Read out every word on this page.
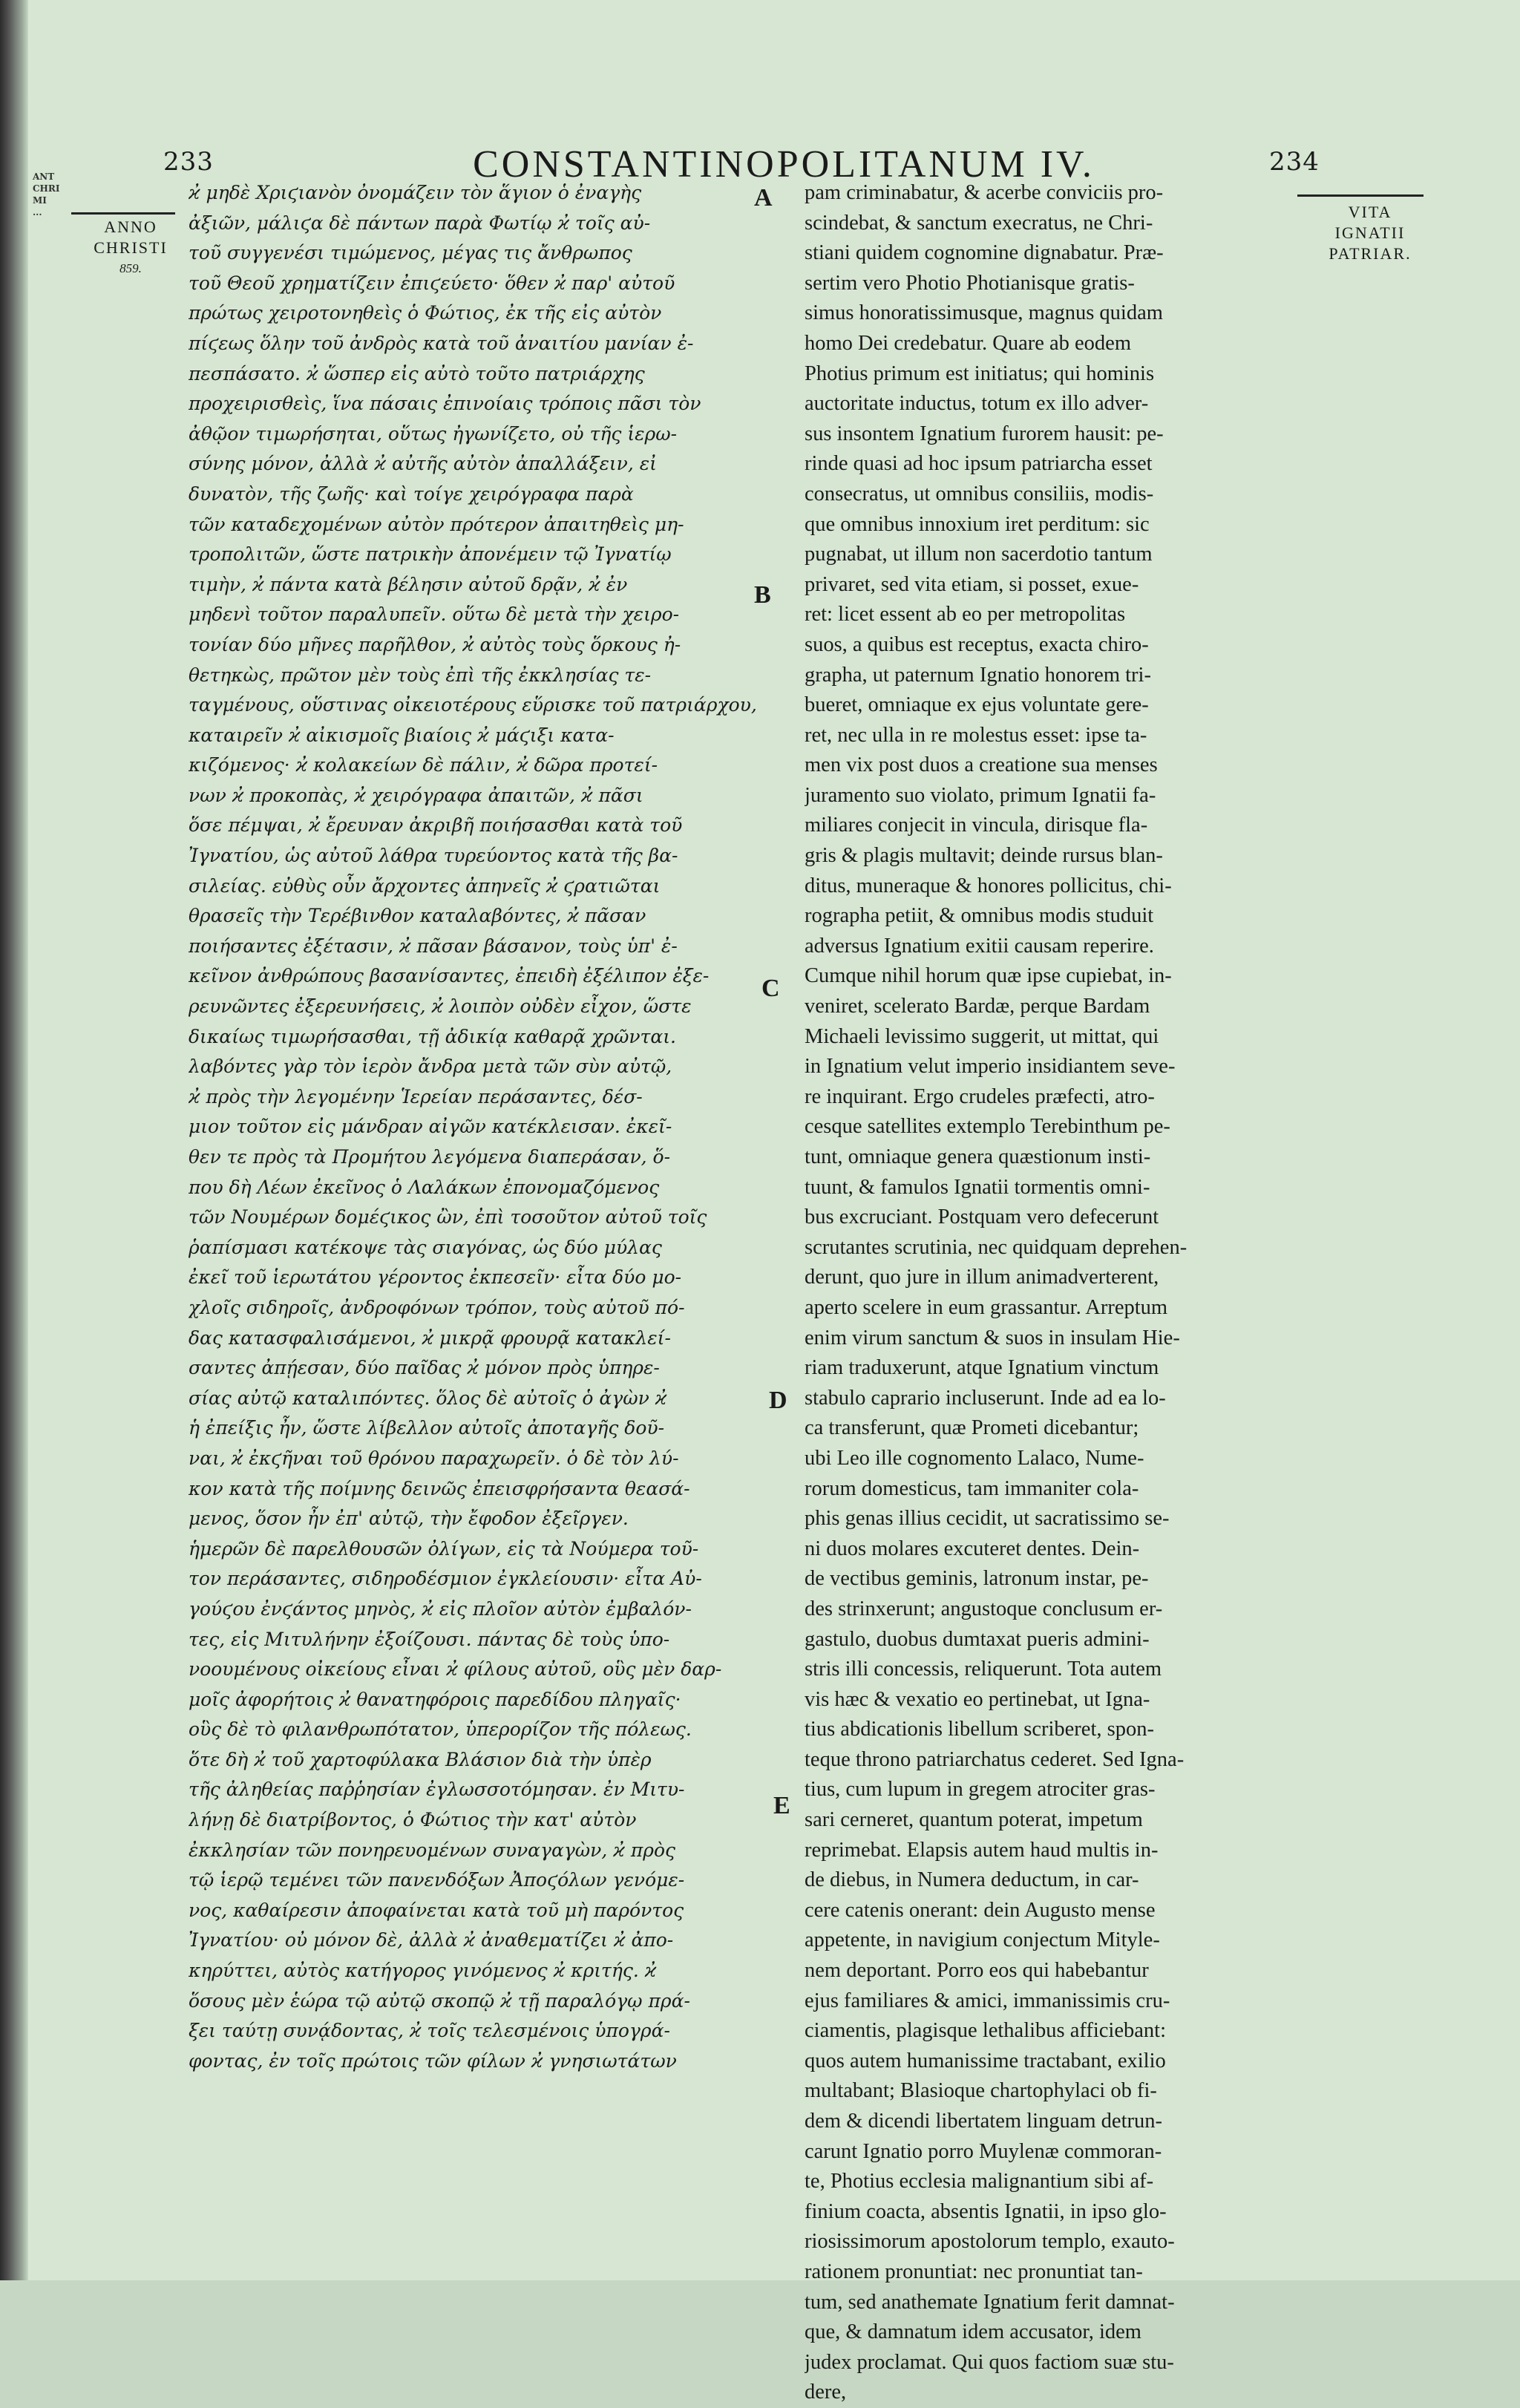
ANT CHRI MI ...
233	CONSTANTINOPOLITANUM IV.	234
ANNO
CHRISTI
859.
VITA
IGNATII
PATRIAR.
ϰ̓ μηδὲ Χριϛιανὸν ὀνομάζειν τὸν ἅγιον ὁ ἐναγὴς
ἀξιῶν, μάλιϛα δὲ πάντων παρὰ Φωτίῳ ϰ̓ τοῖς αὐ-
τοῦ συγγενέσι τιμώμενος, μέγας τις ἄνθρωπος
τοῦ Θεοῦ χρηματίζειν ἐπιϛεύετο· ὅθεν ϰ̓ παρ' αὐτοῦ
πρώτως χειροτονηθεὶς ὁ Φώτιος, ἐκ τῆς εἰς αὐτὸν
πίϛεως ὅλην τοῦ ἀνδρὸς κατὰ τοῦ ἀναιτίου μανίαν ἐ-
πεσπάσατο. ϰ̓ ὥσπερ εἰς αὐτὸ τοῦτο πατριάρχης
προχειρισθεὶς, ἵνα πάσαις ἐπινοίαις τρόποις πᾶσι τὸν
ἀθῷον τιμωρήσηται, οὕτως ἠγωνίζετο, οὐ τῆς ἱερω-
σύνης μόνον, ἀλλὰ ϰ̓ αὐτῆς αὐτὸν ἀπαλλάξειν, εἰ
δυνατὸν, τῆς ζωῆς· καὶ τοίγε χειρόγραφα παρὰ
τῶν καταδεχομένων αὐτὸν πρότερον ἀπαιτηθεὶς μη-
τροπολιτῶν, ὥστε πατρικὴν ἀπονέμειν τῷ Ἰγνατίῳ
τιμὴν, ϰ̓ πάντα κατὰ βέλησιν αὐτοῦ δρᾷν, ϰ̓ ἐν
μηδενὶ τοῦτον παραλυπεῖν. οὕτω δὲ μετὰ τὴν χειρο-
τονίαν δύο μῆνες παρῆλθον, ϰ̓ αὐτὸς τοὺς ὅρκους ἠ-
θετηκὼς, πρῶτον μὲν τοὺς ἐπὶ τῆς ἐκκλησίας τε-
ταγμένους, οὕστινας οἰκειοτέρους εὕρισκε τοῦ πατριάρχου,
καταιρεῖν ϰ̓ αἰκισμοῖς βιαίοις ϰ̓ μάϛιξι κατα-
κιζόμενος· ϰ̓ κολακείων δὲ πάλιν, ϰ̓ δῶρα προτεί-
νων ϰ̓ προκοπὰς, ϰ̓ χειρόγραφα ἀπαιτῶν, ϰ̓ πᾶσι
ὅσε πέμψαι, ϰ̓ ἔρευναν ἀκριβῆ ποιήσασθαι κατὰ τοῦ
Ἰγνατίου, ὡς αὐτοῦ λάθρα τυρεύοντος κατὰ τῆς βα-
σιλείας. εὐθὺς οὖν ἄρχοντες ἀπηνεῖς ϰ̓ ϛρατιῶται
θρασεῖς τὴν Τερέβινθον καταλαβόντες, ϰ̓ πᾶσαν
ποιήσαντες ἐξέτασιν, ϰ̓ πᾶσαν βάσανον, τοὺς ὑπ' ἐ-
κεῖνον ἀνθρώπους βασανίσαντες, ἐπειδὴ ἐξέλιπον ἐξε-
ρευνῶντες ἐξερευνήσεις, ϰ̓ λοιπὸν οὐδὲν εἶχον, ὥστε
δικαίως τιμωρήσασθαι, τῇ ἀδικίᾳ καθαρᾷ χρῶνται.
λαβόντες γὰρ τὸν ἱερὸν ἄνδρα μετὰ τῶν σὺν αὐτῷ,
ϰ̓ πρὸς τὴν λεγομένην Ἱερείαν περάσαντες, δέσ-
μιον τοῦτον εἰς μάνδραν αἰγῶν κατέκλεισαν. ἐκεῖ-
θεν τε πρὸς τὰ Προμήτου λεγόμενα διαπεράσαν, ὅ-
που δὴ Λέων ἐκεῖνος ὁ Λαλάκων ἐπονομαζόμενος
τῶν Νουμέρων δομέϛικος ὢν, ἐπὶ τοσοῦτον αὐτοῦ τοῖς
ῥαπίσμασι κατέκοψε τὰς σιαγόνας, ὡς δύο μύλας
ἐκεῖ τοῦ ἱερωτάτου γέροντος ἐκπεσεῖν· εἶτα δύο μο-
χλοῖς σιδηροῖς, ἀνδροφόνων τρόπον, τοὺς αὐτοῦ πό-
δας κατασφαλισάμενοι, ϰ̓ μικρᾷ φρουρᾷ κατακλεί-
σαντες ἀπῄεσαν, δύο παῖδας ϰ̓ μόνον πρὸς ὑπηρε-
σίας αὐτῷ καταλιπόντες. ὅλος δὲ αὐτοῖς ὁ ἀγὼν ϰ̓
ἡ ἐπείξις ἦν, ὥστε λίβελλον αὐτοῖς ἀποταγῆς δοῦ-
ναι, ϰ̓ ἐκϛῆναι τοῦ θρόνου παραχωρεῖν. ὁ δὲ τὸν λύ-
κον κατὰ τῆς ποίμνης δεινῶς ἐπεισφρήσαντα θεασά-
μενος, ὅσον ἦν ἐπ' αὐτῷ, τὴν ἔφοδον ἐξεῖργεν.
ἡμερῶν δὲ παρελθουσῶν ὀλίγων, εἰς τὰ Νούμερα τοῦ-
τον περάσαντες, σιδηροδέσμιον ἐγκλείουσιν· εἶτα Αὐ-
γούϛου ἐνϛάντος μηνὸς, ϰ̓ εἰς πλοῖον αὐτὸν ἐμβαλόν-
τες, εἰς Μιτυλήνην ἐξοίζουσι. πάντας δὲ τοὺς ὑπο-
νοουμένους οἰκείους εἶναι ϰ̓ φίλους αὐτοῦ, οὓς μὲν δαρ-
μοῖς ἀφορήτοις ϰ̓ θανατηφόροις παρεδίδου πληγαῖς·
οὓς δὲ τὸ φιλανθρωπότατον, ὑπερορίζον τῆς πόλεως.
ὅτε δὴ ϰ̓ τοῦ χαρτοφύλακα Βλάσιον διὰ τὴν ὑπὲρ
τῆς ἀληθείας παῤῥησίαν ἐγλωσσοτόμησαν. ἐν Μιτυ-
λήνῃ δὲ διατρίβοντος, ὁ Φώτιος τὴν κατ' αὐτὸν
ἐκκλησίαν τῶν πονηρευομένων συναγαγὼν, ϰ̓ πρὸς
τῷ ἱερῷ τεμένει τῶν πανενδόξων Ἀποϛόλων γενόμε-
νος, καθαίρεσιν ἀποφαίνεται κατὰ τοῦ μὴ παρόντος
Ἰγνατίου· οὐ μόνον δὲ, ἀλλὰ ϰ̓ ἀναθεματίζει ϰ̓ ἀπο-
κηρύττει, αὐτὸς κατήγορος γινόμενος ϰ̓ κριτής. ϰ̓
ὅσους μὲν ἑώρα τῷ αὐτῷ σκοπῷ ϰ̓ τῇ παραλόγῳ πρά-
ξει ταύτῃ συνᾴδοντας, ϰ̓ τοῖς τελεσμένοις ὑπογρά-
φοντας, ἐν τοῖς πρώτοις τῶν φίλων ϰ̓ γνησιωτάτων
pam criminabatur, & acerbe conviciis pro-
scindebat, & sanctum execratus, ne Chri-
stiani quidem cognomine dignabatur. Præ-
sertim vero Photio Photianisque gratis-
simus honoratissimusque, magnus quidam
homo Dei credebatur. Quare ab eodem
Photius primum est initiatus; qui hominis
auctoritate inductus, totum ex illo adver-
sus insontem Ignatium furorem hausit: pe-
rinde quasi ad hoc ipsum patriarcha esset
consecratus, ut omnibus consiliis, modis-
que omnibus innoxium iret perditum: sic
pugnabat, ut illum non sacerdotio tantum
privaret, sed vita etiam, si posset, exue-
ret: licet essent ab eo per metropolitas
suos, a quibus est receptus, exacta chiro-
grapha, ut paternum Ignatio honorem tri-
bueret, omniaque ex ejus voluntate gere-
ret, nec ulla in re molestus esset: ipse ta-
men vix post duos a creatione sua menses
juramento suo violato, primum Ignatii fa-
miliares conjecit in vincula, dirisque fla-
gris & plagis multavit; deinde rursus blan-
ditus, muneraque & honores pollicitus, chi-
rographa petiit, & omnibus modis studuit
adversus Ignatium exitii causam reperire.
Cumque nihil horum quæ ipse cupiebat, in-
veniret, scelerato Bardæ, perque Bardam
Michaeli levissimo suggerit, ut mittat, qui
in Ignatium velut imperio insidiantem seve-
re inquirant. Ergo crudeles præfecti, atro-
cesque satellites extemplo Terebinthum pe-
tunt, omniaque genera quæstionum insti-
tuunt, & famulos Ignatii tormentis omni-
bus excruciant. Postquam vero defecerunt
scrutantes scrutinia, nec quidquam deprehen-
derunt, quo jure in illum animadverterent,
aperto scelere in eum grassantur. Arreptum
enim virum sanctum & suos in insulam Hie-
riam traduxerunt, atque Ignatium vinctum
stabulo caprario incluserunt. Inde ad ea lo-
ca transferunt, quæ Prometi dicebantur;
ubi Leo ille cognomento Lalaco, Nume-
rorum domesticus, tam immaniter cola-
phis genas illius cecidit, ut sacratissimo se-
ni duos molares excuteret dentes. Dein-
de vectibus geminis, latronum instar, pe-
des strinxerunt; angustoque conclusum er-
gastulo, duobus dumtaxat pueris admini-
stris illi concessis, reliquerunt. Tota autem
vis hæc & vexatio eo pertinebat, ut Igna-
tius abdicationis libellum scriberet, spon-
teque throno patriarchatus cederet. Sed Igna-
tius, cum lupum in gregem atrociter gras-
sari cerneret, quantum poterat, impetum
reprimebat. Elapsis autem haud multis in-
de diebus, in Numera deductum, in car-
cere catenis onerant: dein Augusto mense
appetente, in navigium conjectum Mityle-
nem deportant. Porro eos qui habebantur
ejus familiares & amici, immanissimis cru-
ciamentis, plagisque lethalibus afficiebant:
quos autem humanissime tractabant, exilio
multabant; Blasioque chartophylaci ob fi-
dem & dicendi libertatem linguam detrun-
carunt Ignatio porro Muylenæ commoran-
te, Photius ecclesia malignantium sibi af-
finium coacta, absentis Ignatii, in ipso glo-
riosissimorum apostolorum templo, exauto-
rationem pronuntiat: nec pronuntiat tan-
tum, sed anathemate Ignatium ferit damnat-
que, & damnatum idem accusator, idem
judex proclamat. Qui quos factiom suæ stu-
dere,
A
B
C
D
E
